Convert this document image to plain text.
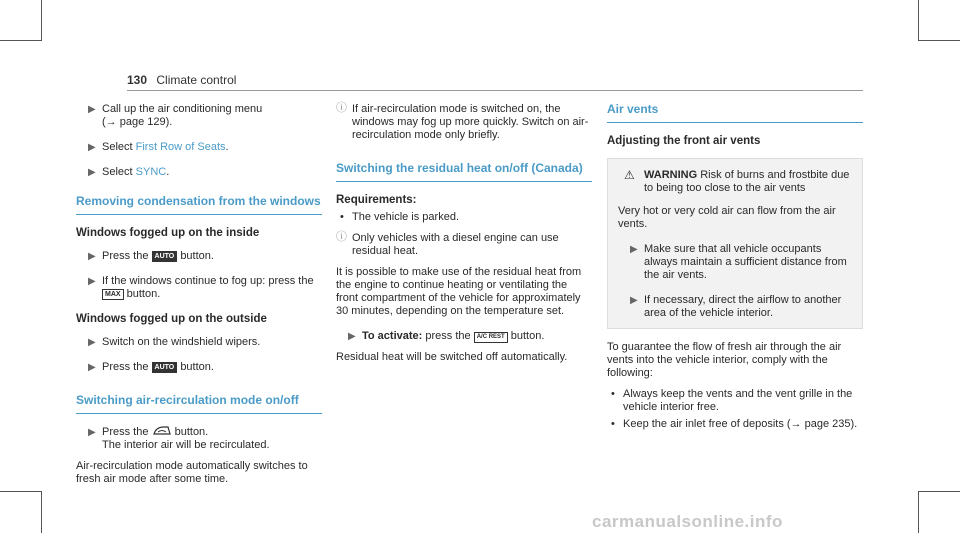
130 Climate control
▶ Call up the air conditioning menu
(→ page 129).
▶ Select First Row of Seats.
▶ Select SYNC.
Removing condensation from the windows
Windows fogged up on the inside
▶ Press the AUTO button.
▶ If the windows continue to fog up: press the
MAX button.
Windows fogged up on the outside
▶ Switch on the windshield wipers.
▶ Press the AUTO button.
Switching air-recirculation mode on/off
▶ Press the button.
The interior air will be recirculated.
Air-recirculation mode automatically switches to fresh air mode after some time.
ⓘ If air-recirculation mode is switched on, the windows may fog up more quickly. Switch on air-recirculation mode only briefly.
Switching the residual heat on/off (Canada)
Requirements:
• The vehicle is parked.
ⓘ Only vehicles with a diesel engine can use residual heat.
It is possible to make use of the residual heat from the engine to continue heating or ventilating the front compartment of the vehicle for approximately 30 minutes, depending on the temperature set.
▶ To activate: press the A/C REST button.
Residual heat will be switched off automatically.
Air vents
Adjusting the front air vents
⚠ WARNING Risk of burns and frostbite due to being too close to the air vents
Very hot or very cold air can flow from the air vents.
▶ Make sure that all vehicle occupants always maintain a sufficient distance from the air vents.
▶ If necessary, direct the airflow to another area of the vehicle interior.
To guarantee the flow of fresh air through the air vents into the vehicle interior, comply with the following:
• Always keep the vents and the vent grille in the vehicle interior free.
• Keep the air inlet free of deposits (→ page 235).
carmanualsonline.info
